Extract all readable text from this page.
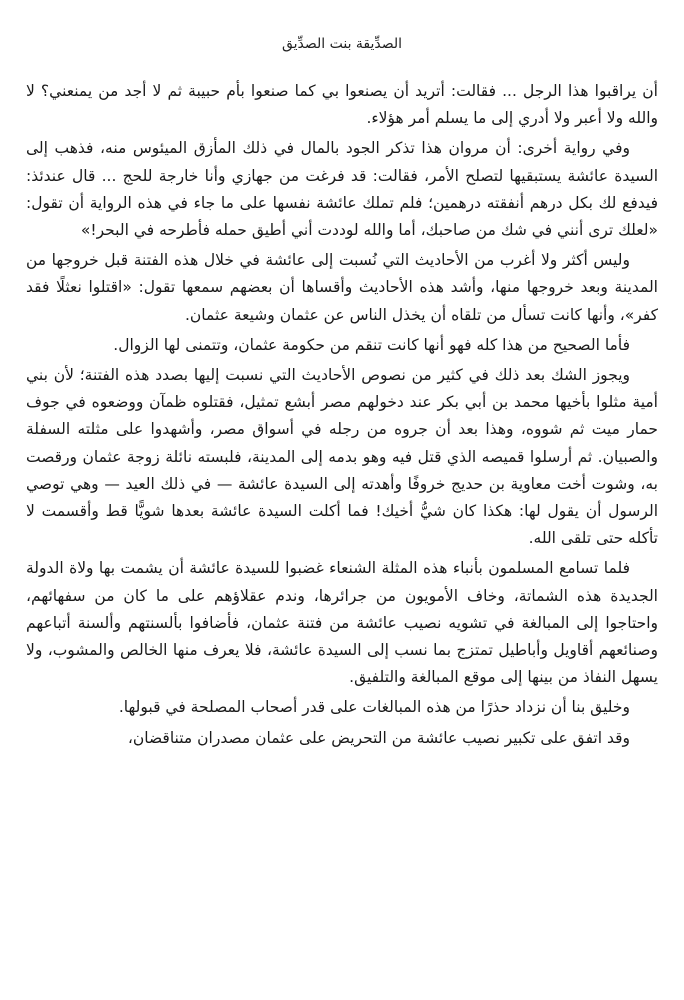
الصدِّيقة بنت الصدِّيق

أن يراقبوا هذا الرجل ... فقالت: أتريد أن يصنعوا بي كما صنعوا بأم حبيبة ثم لا أجد من يمنعني؟ لا والله ولا أعبر ولا أدري إلى ما يسلم أمر هؤلاء.

وفي رواية أخرى: أن مروان هذا تذكر الجود بالمال في ذلك المأزق الميئوس منه، فذهب إلى السيدة عائشة يستبقيها لتصلح الأمر، فقالت: قد فرغت من جهازي وأنا خارجة للحج ... قال عندئذ: فيدفع لك بكل درهم أنفقته درهمين؛ فلم تملك عائشة نفسها على ما جاء في هذه الرواية أن تقول: «لعلك ترى أنني في شك من صاحبك، أما والله لوددت أني أطيق حمله فأطرحه في البحر!»

وليس أكثر ولا أغرب من الأحاديث التي نُسبت إلى عائشة في خلال هذه الفتنة قبل خروجها من المدينة وبعد خروجها منها، وأشد هذه الأحاديث وأقساها أن بعضهم سمعها تقول: «اقتلوا نعثلًا فقد كفر»، وأنها كانت تسأل من تلقاه أن يخذل الناس عن عثمان وشيعة عثمان.

فأما الصحيح من هذا كله فهو أنها كانت تنقم من حكومة عثمان، وتتمنى لها الزوال.

ويجوز الشك بعد ذلك في كثير من نصوص الأحاديث التي نسبت إليها بصدد هذه الفتنة؛ لأن بني أمية مثلوا بأخيها محمد بن أبي بكر عند دخولهم مصر أبشع تمثيل، فقتلوه ظمآن ووضعوه في جوف حمار ميت ثم شووه، وهذا بعد أن جروه من رجله في أسواق مصر، وأشهدوا على مثلته السفلة والصبيان. ثم أرسلوا قميصه الذي قتل فيه وهو بدمه إلى المدينة، فلبسته نائلة زوجة عثمان ورقصت به، وشوت أخت معاوية بن حديج خروفًا وأهدته إلى السيدة عائشة — في ذلك العيد — وهي توصي الرسول أن يقول لها: هكذا كان شيُّ أخيك! فما أكلت السيدة عائشة بعدها شويًّا قط وأقسمت لا تأكله حتى تلقى الله.

فلما تسامع المسلمون بأنباء هذه المثلة الشنعاء غضبوا للسيدة عائشة أن يشمت بها ولاة الدولة الجديدة هذه الشماتة، وخاف الأمويون من جرائرها، وندم عقلاؤهم على ما كان من سفهائهم، واحتاجوا إلى المبالغة في تشويه نصيب عائشة من فتنة عثمان، فأضافوا بألسنتهم وألسنة أتباعهم وصنائعهم أقاويل وأباطيل تمتزج بما نسب إلى السيدة عائشة، فلا يعرف منها الخالص والمشوب، ولا يسهل النفاذ من بينها إلى موقع المبالغة والتلفيق.

وخليق بنا أن نزداد حذرًا من هذه المبالغات على قدر أصحاب المصلحة في قبولها.

وقد اتفق على تكبير نصيب عائشة من التحريض على عثمان مصدران متناقضان،
